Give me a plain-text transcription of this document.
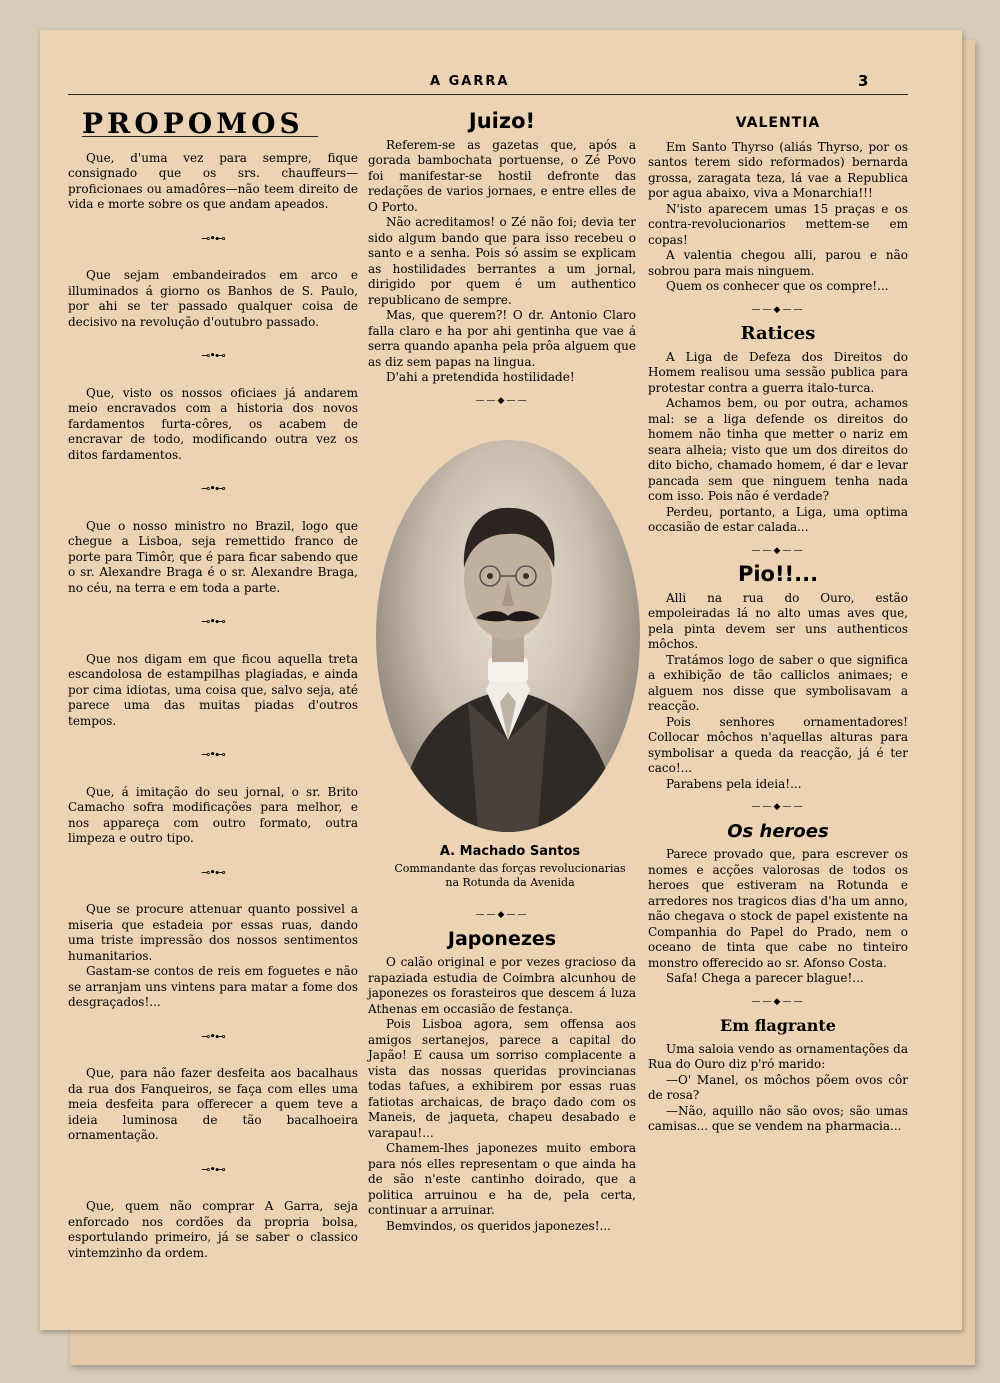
A GARRA	3
PROPOMOS

Que, d'uma vez para sempre, fique consignado que os srs. chauffeurs—proficionaes ou amadôres—não teem direito de vida e morte sobre os que andam apeados.

⊸•⊷

Que sejam embandeirados em arco e illuminados á giorno os Banhos de S. Paulo, por ahi se ter passado qualquer coisa de decisivo na revolução d'outubro passado.

⊸•⊷

Que, visto os nossos oficiaes já andarem meio encravados com a historia dos novos fardamentos furta-côres, os acabem de encravar de todo, modificando outra vez os ditos fardamentos.

⊸•⊷

Que o nosso ministro no Brazil, logo que chegue a Lisboa, seja remettido franco de porte para Timôr, que é para ficar sabendo que o sr. Alexandre Braga é o sr. Alexandre Braga, no céu, na terra e em toda a parte.

⊸•⊷

Que nos digam em que ficou aquella treta escandolosa de estampilhas plagiadas, e ainda por cima idiotas, uma coisa que, salvo seja, até parece uma das muitas piadas d'outros tempos.

⊸•⊷

Que, á imitação do seu jornal, o sr. Brito Camacho sofra modificações para melhor, e nos appareça com outro formato, outra limpeza e outro tipo.

⊸•⊷

Que se procure attenuar quanto possivel a miseria que estadeia por essas ruas, dando uma triste impressão dos nossos sentimentos humanitarios.

Gastam-se contos de reis em foguetes e não se arranjam uns vintens para matar a fome dos desgraçados!...

⊸•⊷

Que, para não fazer desfeita aos bacalhaus da rua dos Fanqueiros, se faça com elles uma meia desfeita para offerecer a quem teve a ideia luminosa de tão bacalhoeira ornamentação.

⊸•⊷

Que, quem não comprar A Garra, seja enforcado nos cordões da propria bolsa, esportulando primeiro, já se saber o classico vintemzinho da ordem.

Juizo!

Referem-se as gazetas que, após a gorada bambochata portuense, o Zé Povo foi manifestar-se hostil defronte das redações de varios jornaes, e entre elles de O Porto.

Não acreditamos! o Zé não foi; devia ter sido algum bando que para isso recebeu o santo e a senha. Pois só assim se explicam as hostilidades berrantes a um jornal, dirigido por quem é um authentico republicano de sempre.

Mas, que querem?! O dr. Antonio Claro falla claro e ha por ahi gentinha que vae á serra quando apanha pela prôa alguem que as diz sem papas na lingua.

D'ahi a pretendida hostilidade!

——◆——
A. Machado Santos
Commandante das forças revolucionarias
na Rotunda da Avenida
——◆——
Japonezes

O calão original e por vezes gracioso da rapaziada estudia de Coimbra alcunhou de japonezes os forasteiros que descem á luza Athenas em occasião de festança.

Pois Lisboa agora, sem offensa aos amigos sertanejos, parece a capital do Japão! E causa um sorriso complacente a vista das nossas queridas provincianas todas tafues, a exhibirem por essas ruas fatiotas archaicas, de braço dado com os Maneis, de jaqueta, chapeu desabado e varapau!...

Chamem-lhes japonezes muito embora para nós elles representam o que ainda ha de são n'este cantinho doirado, que a politica arruinou e ha de, pela certa, continuar a arruinar.

Bemvindos, os queridos japonezes!...

VALENTIA

Em Santo Thyrso (aliás Thyrso, por os santos terem sido reformados) bernarda grossa, zaragata teza, lá vae a Republica por agua abaixo, viva a Monarchia!!!

N'isto aparecem umas 15 praças e os contra-revolucionarios mettem-se em copas!

A valentia chegou alli, parou e não sobrou para mais ninguem.

Quem os conhecer que os compre!...

——◆——
Ratices

A Liga de Defeza dos Direitos do Homem realisou uma sessão publica para protestar contra a guerra italo-turca.

Achamos bem, ou por outra, achamos mal: se a liga defende os direitos do homem não tinha que metter o nariz em seara alheia; visto que um dos direitos do dito bicho, chamado homem, é dar e levar pancada sem que ninguem tenha nada com isso. Pois não é verdade?

Perdeu, portanto, a Liga, uma optima occasião de estar calada...

——◆——
Pio!!...

Alli na rua do Ouro, estão empoleiradas lá no alto umas aves que, pela pinta devem ser uns authenticos môchos.

Tratámos logo de saber o que significa a exhibição de tão calliclos animaes; e alguem nos disse que symbolisavam a reacção.

Pois senhores ornamentadores! Collocar môchos n'aquellas alturas para symbolisar a queda da reacção, já é ter caco!...

Parabens pela ideia!...

——◆——
Os heroes

Parece provado que, para escrever os nomes e acções valorosas de todos os heroes que estiveram na Rotunda e arredores nos tragicos dias d'ha um anno, não chegava o stock de papel existente na Companhia do Papel do Prado, nem o oceano de tinta que cabe no tinteiro monstro offerecido ao sr. Afonso Costa.

Safa! Chega a parecer blague!...

——◆——
Em flagrante

Uma saloia vendo as ornamentações da Rua do Ouro diz p'ró marido:

—O' Manel, os môchos põem ovos côr de rosa?

—Não, aquillo não são ovos; são umas camisas... que se vendem na pharmacia...
